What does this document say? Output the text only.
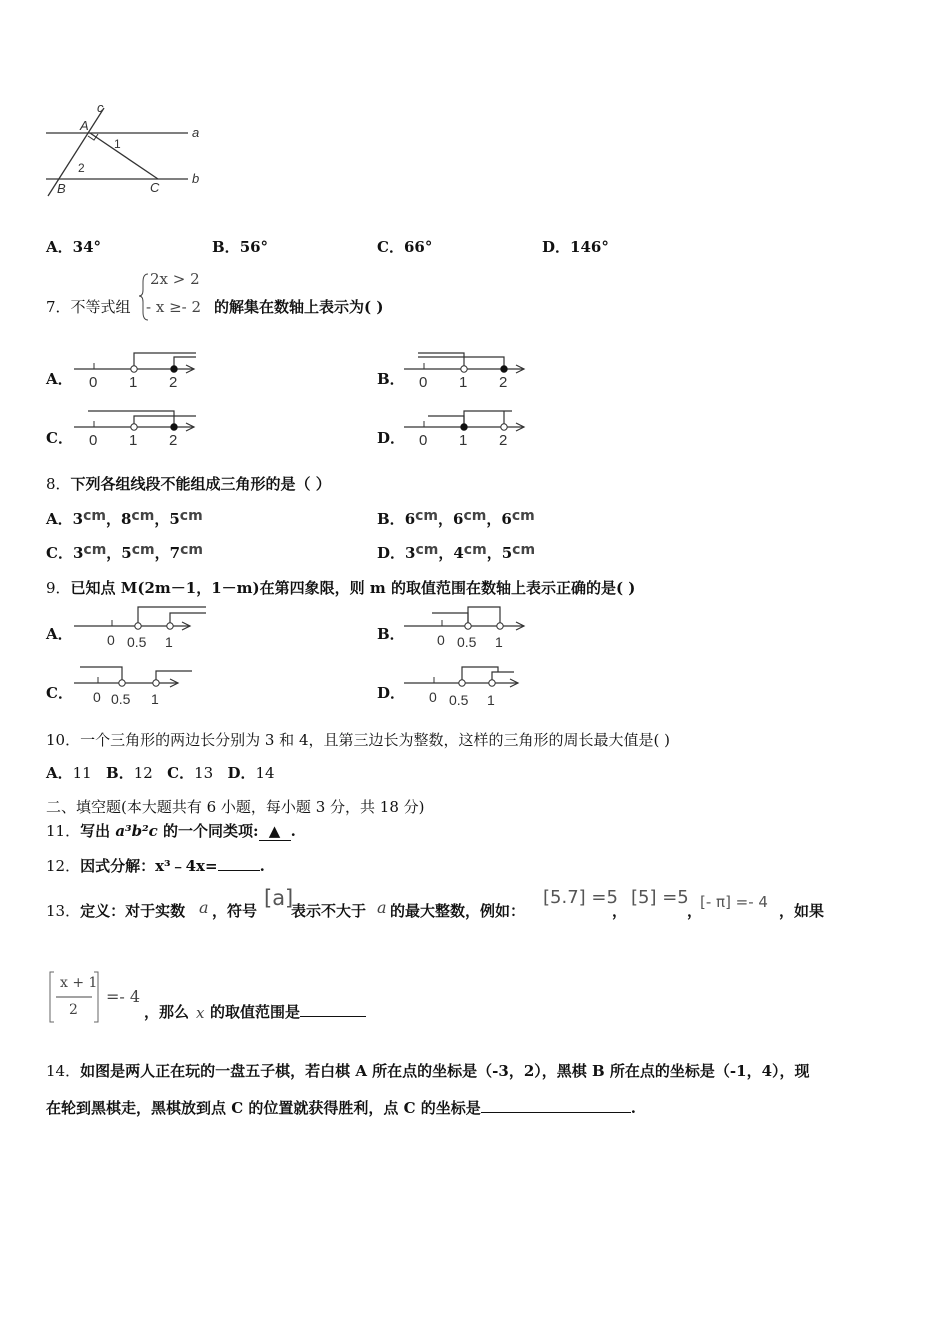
c
a
b
A
B	C
1
2
A．34°	B．56°	C．66°	D．146°
7．不等式组
2x > 2
- x ≥- 2 的解集在数轴上表示为( )
A． 0 1 2	B． 0 1 2
C． 0 1 2	D． 0 1 2
8．下列各组线段不能组成三角形的是（ ）
A．3cm，8cm，5cm	B．6cm，6cm，6cm
C．3cm，5cm，7cm	D．3cm，4cm，5cm
9．已知点 M(2m－1，1－m)在第四象限，则 m 的取值范围在数轴上表示正确的是( )
A． 0 0.5 1	B． 0 0.5 1
C． 0 0.5 1	D． 0 0.5 1
10．一个三角形的两边长分别为 3 和 4，且第三边长为整数，这样的三角形的周长最大值是( )
A．11 B．12 C．13 D．14
二、填空题(本大题共有 6 小题，每小题 3 分，共 18 分)
11．写出 a³b²c 的一个同类项: ▲ .
12．因式分解：x³﹣4x=	.
13．定义：对于实数 a ，符号
[a]
表示不大于 a 的最大整数，例如：
[5.7] =5
，
[5] =5
，
[- π] =- 4 ，如果
x + 1
2
=- 4
，那么 x 的取值范围是
14．如图是两人正在玩的一盘五子棋，若白棋 A 所在点的坐标是（-3，2），黑棋 B 所在点的坐标是（-1，4），现
在轮到黑棋走，黑棋放到点 C 的位置就获得胜利，点 C 的坐标是	.
